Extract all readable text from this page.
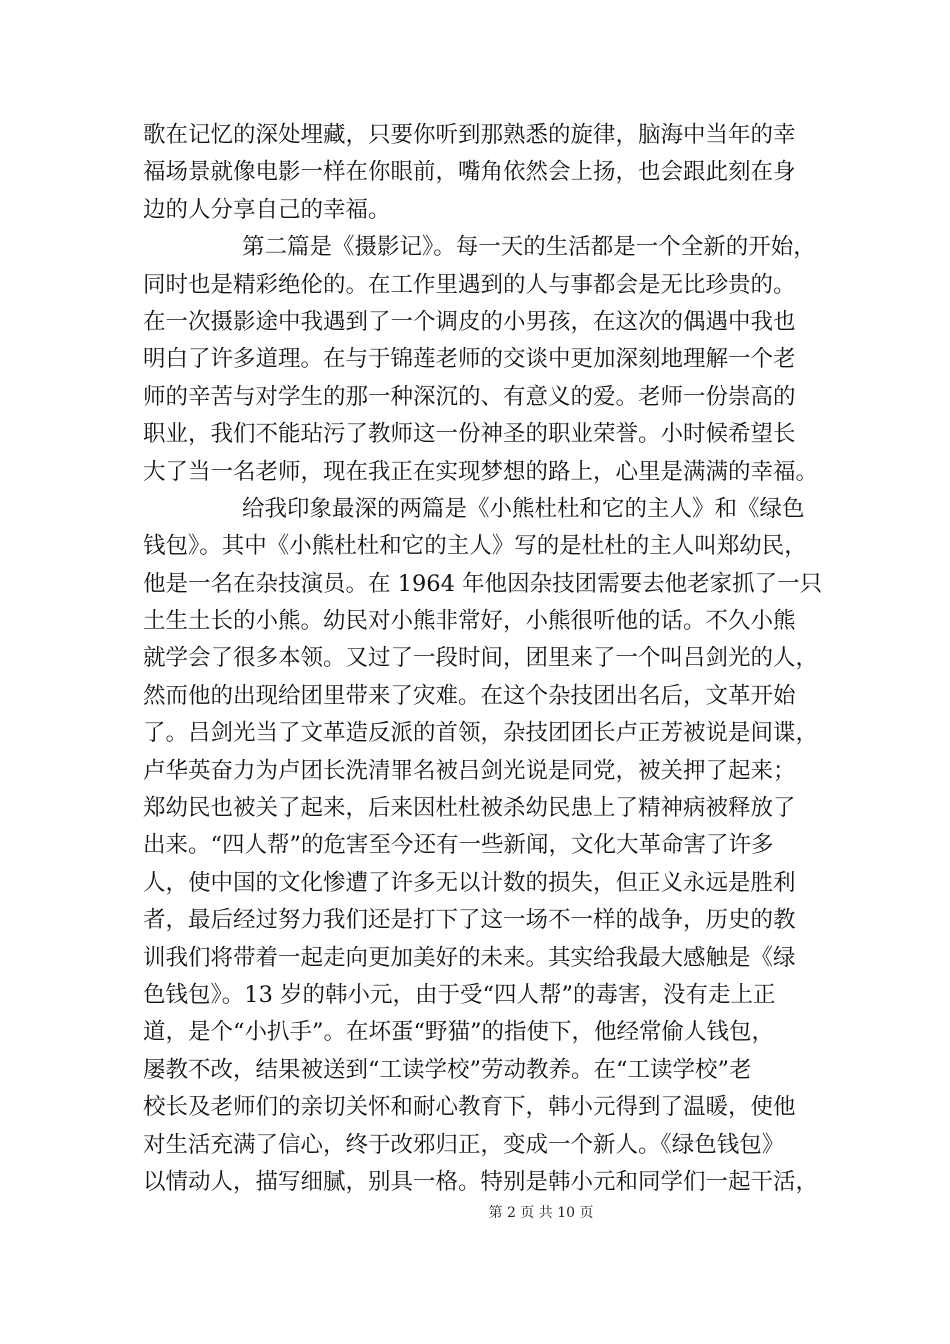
歌在记忆的深处埋藏，只要你听到那熟悉的旋律，脑海中当年的幸
福场景就像电影一样在你眼前，嘴角依然会上扬，也会跟此刻在身
边的人分享自己的幸福。
第二篇是《摄影记》。每一天的生活都是一个全新的开始，
同时也是精彩绝伦的。在工作里遇到的人与事都会是无比珍贵的。
在一次摄影途中我遇到了一个调皮的小男孩，在这次的偶遇中我也
明白了许多道理。在与于锦莲老师的交谈中更加深刻地理解一个老
师的辛苦与对学生的那一种深沉的、有意义的爱。老师一份崇高的
职业，我们不能玷污了教师这一份神圣的职业荣誉。小时候希望长
大了当一名老师，现在我正在实现梦想的路上，心里是满满的幸福。
给我印象最深的两篇是《小熊杜杜和它的主人》和《绿色
钱包》。其中《小熊杜杜和它的主人》写的是杜杜的主人叫郑幼民，
他是一名在杂技演员。在 1964 年他因杂技团需要去他老家抓了一只
土生土长的小熊。幼民对小熊非常好，小熊很听他的话。不久小熊
就学会了很多本领。又过了一段时间，团里来了一个叫吕剑光的人，
然而他的出现给团里带来了灾难。在这个杂技团出名后，文革开始
了。吕剑光当了文革造反派的首领，杂技团团长卢正芳被说是间谍，
卢华英奋力为卢团长洗清罪名被吕剑光说是同党，被关押了起来；
郑幼民也被关了起来，后来因杜杜被杀幼民患上了精神病被释放了
出来。“四人帮”的危害至今还有一些新闻，文化大革命害了许多
人，使中国的文化惨遭了许多无以计数的损失，但正义永远是胜利
者，最后经过努力我们还是打下了这一场不一样的战争，历史的教
训我们将带着一起走向更加美好的未来。其实给我最大感触是《绿
色钱包》。13 岁的韩小元，由于受“四人帮”的毒害，没有走上正
道，是个“小扒手”。在坏蛋“野猫”的指使下，他经常偷人钱包，
屡教不改，结果被送到“工读学校”劳动教养。在“工读学校”老
校长及老师们的亲切关怀和耐心教育下，韩小元得到了温暖，使他
对生活充满了信心，终于改邪归正，变成一个新人。《绿色钱包》
以情动人，描写细腻，别具一格。特别是韩小元和同学们一起干活，
第 2 页 共 10 页
